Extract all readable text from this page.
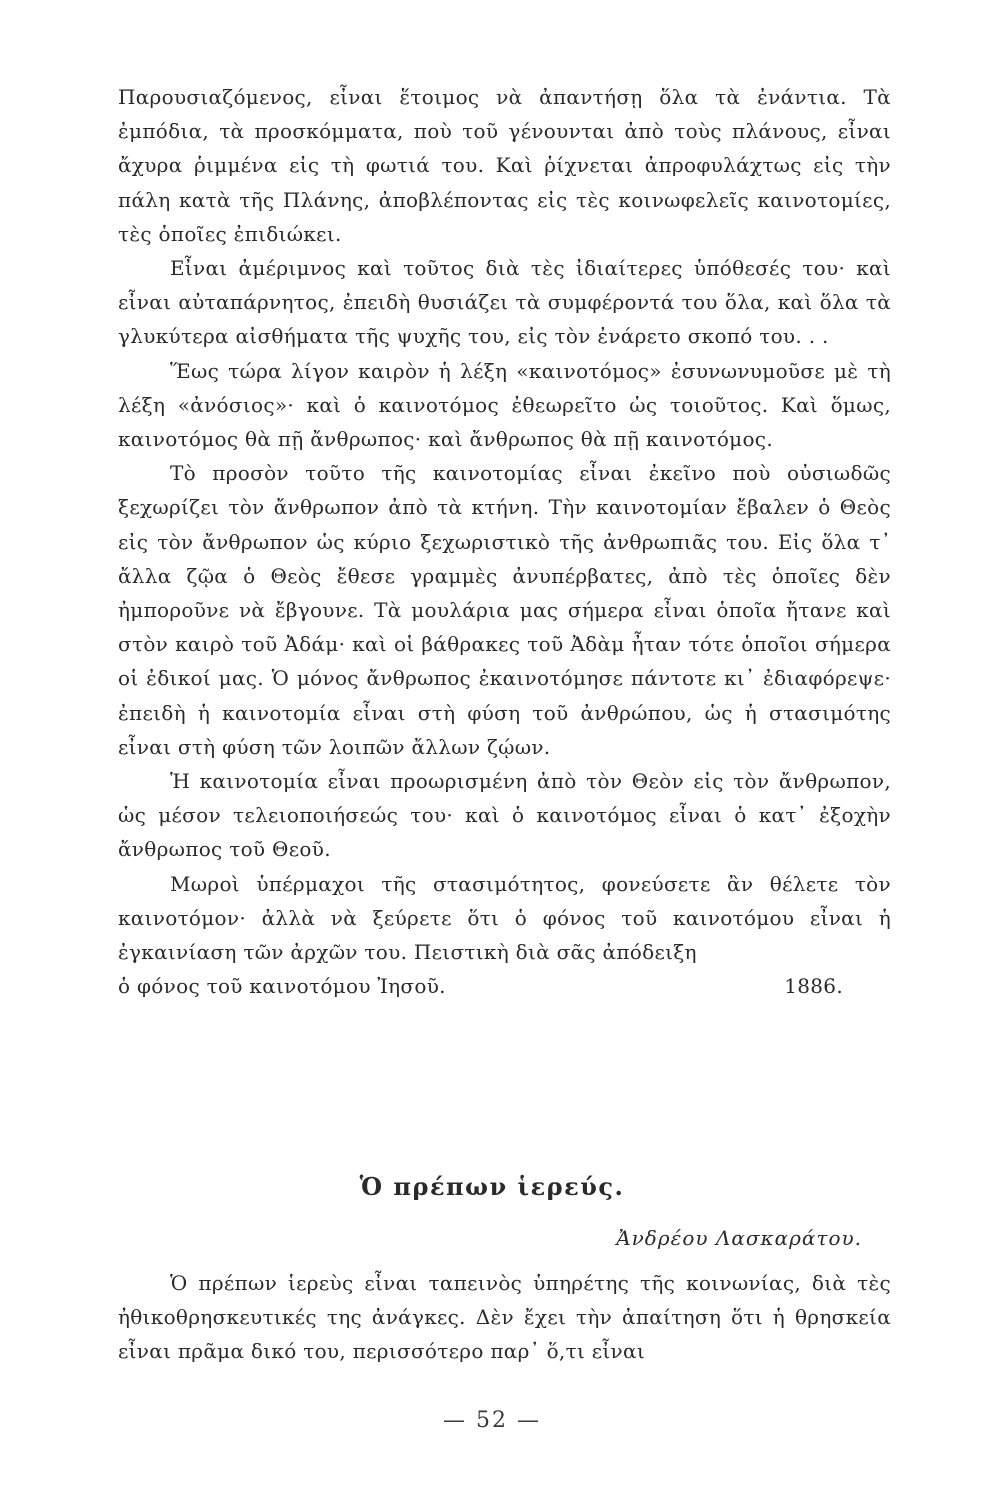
Παρουσιαζόμενος, εἶναι ἕτοιμος νὰ ἀπαντήσῃ ὅλα τὰ ἐνάντια. Τὰ ἐμπόδια, τὰ προσκόμματα, ποὺ τοῦ γένουνται ἀπὸ τοὺς πλάνους, εἶναι ἄχυρα ῥιμμένα εἰς τὴ φωτιά του. Καὶ ῥίχνεται ἀπροφυλάχτως εἰς τὴν πάλη κατὰ τῆς Πλάνης, ἀποβλέποντας εἰς τὲς κοινωφελεῖς καινοτομίες, τὲς ὁποῖες ἐπιδιώκει.

Εἶναι ἀμέριμνος καὶ τοῦτος διὰ τὲς ἰδιαίτερες ὑπόθεσές του· καὶ εἶναι αὐταπάρνητος, ἐπειδὴ θυσιάζει τὰ συμφέροντά του ὅλα, καὶ ὅλα τὰ γλυκύτερα αἰσθήματα τῆς ψυχῆς του, εἰς τὸν ἐνάρετο σκοπό του. . .

Ἕως τώρα λίγον καιρὸν ἡ λέξη «καινοτόμος» ἐσυνωνυμοῦσε μὲ τὴ λέξη «ἀνόσιος»· καὶ ὁ καινοτόμος ἐθεωρεῖτο ὡς τοιοῦτος. Καὶ ὅμως, καινοτόμος θὰ πῇ ἄνθρωπος· καὶ ἄνθρωπος θὰ πῇ καινοτόμος.

Τὸ προσὸν τοῦτο τῆς καινοτομίας εἶναι ἐκεῖνο ποὺ οὐσιωδῶς ξεχωρίζει τὸν ἄνθρωπον ἀπὸ τὰ κτήνη. Τὴν καινοτομίαν ἔβαλεν ὁ Θεὸς εἰς τὸν ἄνθρωπον ὡς κύριο ξεχωριστικὸ τῆς ἀνθρωπιᾶς του. Εἰς ὅλα τ᾽ ἄλλα ζῷα ὁ Θεὸς ἔθεσε γραμμὲς ἀνυπέρβατες, ἀπὸ τὲς ὁποῖες δὲν ἠμποροῦνε νὰ ἔβγουνε. Τὰ μουλάρια μας σήμερα εἶναι ὁποῖα ἤτανε καὶ στὸν καιρὸ τοῦ Ἀδάμ· καὶ οἱ βάθρακες τοῦ Ἀδὰμ ἦταν τότε ὁποῖοι σήμερα οἱ ἐδικοί μας. Ὁ μόνος ἄνθρωπος ἐκαινοτόμησε πάντοτε κι᾽ ἐδιαφόρεψε· ἐπειδὴ ἡ καινοτομία εἶναι στὴ φύση τοῦ ἀνθρώπου, ὡς ἡ στασιμότης εἶναι στὴ φύση τῶν λοιπῶν ἄλλων ζῴων.

Ἡ καινοτομία εἶναι προωρισμένη ἀπὸ τὸν Θεὸν εἰς τὸν ἄνθρωπον, ὡς μέσον τελειοποιήσεώς του· καὶ ὁ καινοτόμος εἶναι ὁ κατ᾽ ἐξοχὴν ἄνθρωπος τοῦ Θεοῦ.

Μωροὶ ὑπέρμαχοι τῆς στασιμότητος, φονεύσετε ἂν θέλετε τὸν καινοτόμον· ἀλλὰ νὰ ξεύρετε ὅτι ὁ φόνος τοῦ καινοτόμου εἶναι ἡ ἐγκαινίαση τῶν ἀρχῶν του. Πειστικὴ διὰ σᾶς ἀπόδειξη

ὁ φόνος τοῦ καινοτόμου Ἰησοῦ.	1886.
Ὁ πρέπων ἱερεύς.
Ἀνδρέου Λασκαράτου.

Ὁ πρέπων ἱερεὺς εἶναι ταπεινὸς ὑπηρέτης τῆς κοινωνίας, διὰ τὲς ἠθικοθρησκευτικές της ἀνάγκες. Δὲν ἔχει τὴν ἀπαίτηση ὅτι ἡ θρησκεία εἶναι πρᾶμα δικό του, περισσότερο παρ᾽ ὅ,τι εἶναι

— 52 —
